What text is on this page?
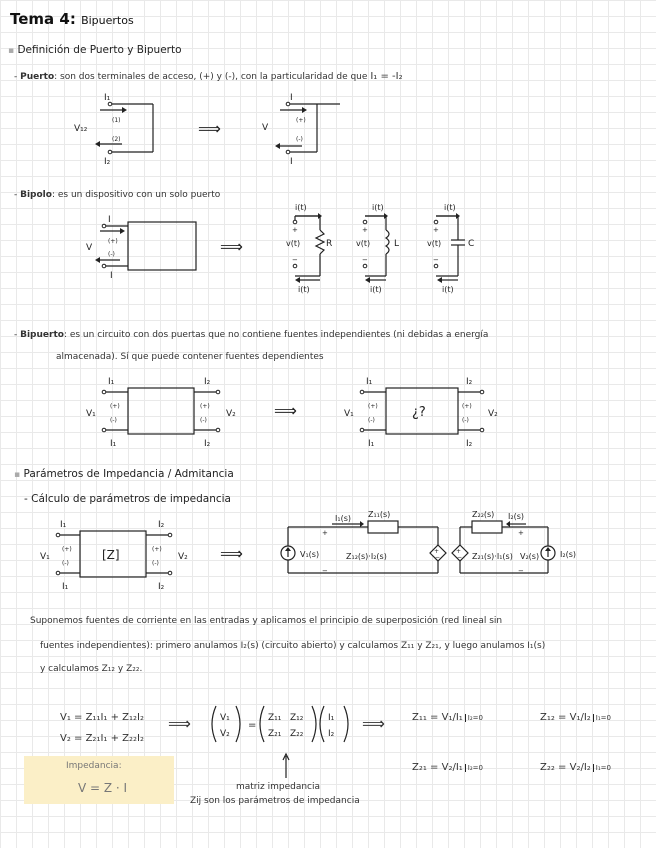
Tema 4: Bipuertos
▪ Definición de Puerto y Bipuerto
- Puerto: son dos terminales de acceso, (+) y (-), con la particularidad de que I₁ = -I₂
I₁
(1)
(2)
V₁₂
I₂
⟹
I
(+)
(-)
V
I
- Bipolo: es un dispositivo con un solo puerto
I
(+)
(-)
V
I
⟹
i(t)
+
v(t)
−
R
i(t)
i(t)
+
v(t)
−
L
i(t)
i(t)
+
v(t)
−
C
i(t)
- Bipuerto: es un circuito con dos puertas que no contiene fuentes independientes (ni debidas a energía
almacenada). Sí que puede contener fuentes dependientes
I₁
(+)
(-)
V₁
I₁
I₂
(+)
(-)
V₂
I₂
⟹	¿?
I₁
(+)
(-)
V₁
I₁
I₂
(+)
(-)
V₂
I₂
▪ Parámetros de Impedancia / Admitancia
- Cálculo de parámetros de impedancia
[Z]
I₁
(+)
(-)
V₁
I₁
I₂
(+)
(-)
V₂
I₂
⟹	+
−
I₁(s) Z₁₁(s)
+
−
V₁(s)	Z₁₂(s)·I₂(s)
+
−
Z₂₂(s) I₂(s)
Z₂₁(s)·I₁(s)
+
−
V₂(s)	I₂(s)
Suponemos fuentes de corriente en las entradas y aplicamos el principio de superposición (red lineal sin
fuentes independientes): primero anulamos I₂(s) (circuito abierto) y calculamos Z₁₁ y Z₂₁, y luego anulamos I₁(s)
y calculamos Z₁₂ y Z₂₂.
V₁ = Z₁₁I₁ + Z₁₂I₂
V₂ = Z₂₁I₁ + Z₂₂I₂
⟹	V₁
V₂
=
Z₁₁ Z₁₂
Z₂₁ Z₂₂
I₁
I₂
⟹	Z₁₁ = V₁/I₁ I₂=0	Z₁₂ = V₁/I₂ I₁=0
Z₂₁ = V₂/I₁ I₂=0	Z₂₂ = V₂/I₂ I₁=0
Impedancia:
V = Z · I	matriz impedancia
Zij son los parámetros de impedancia
